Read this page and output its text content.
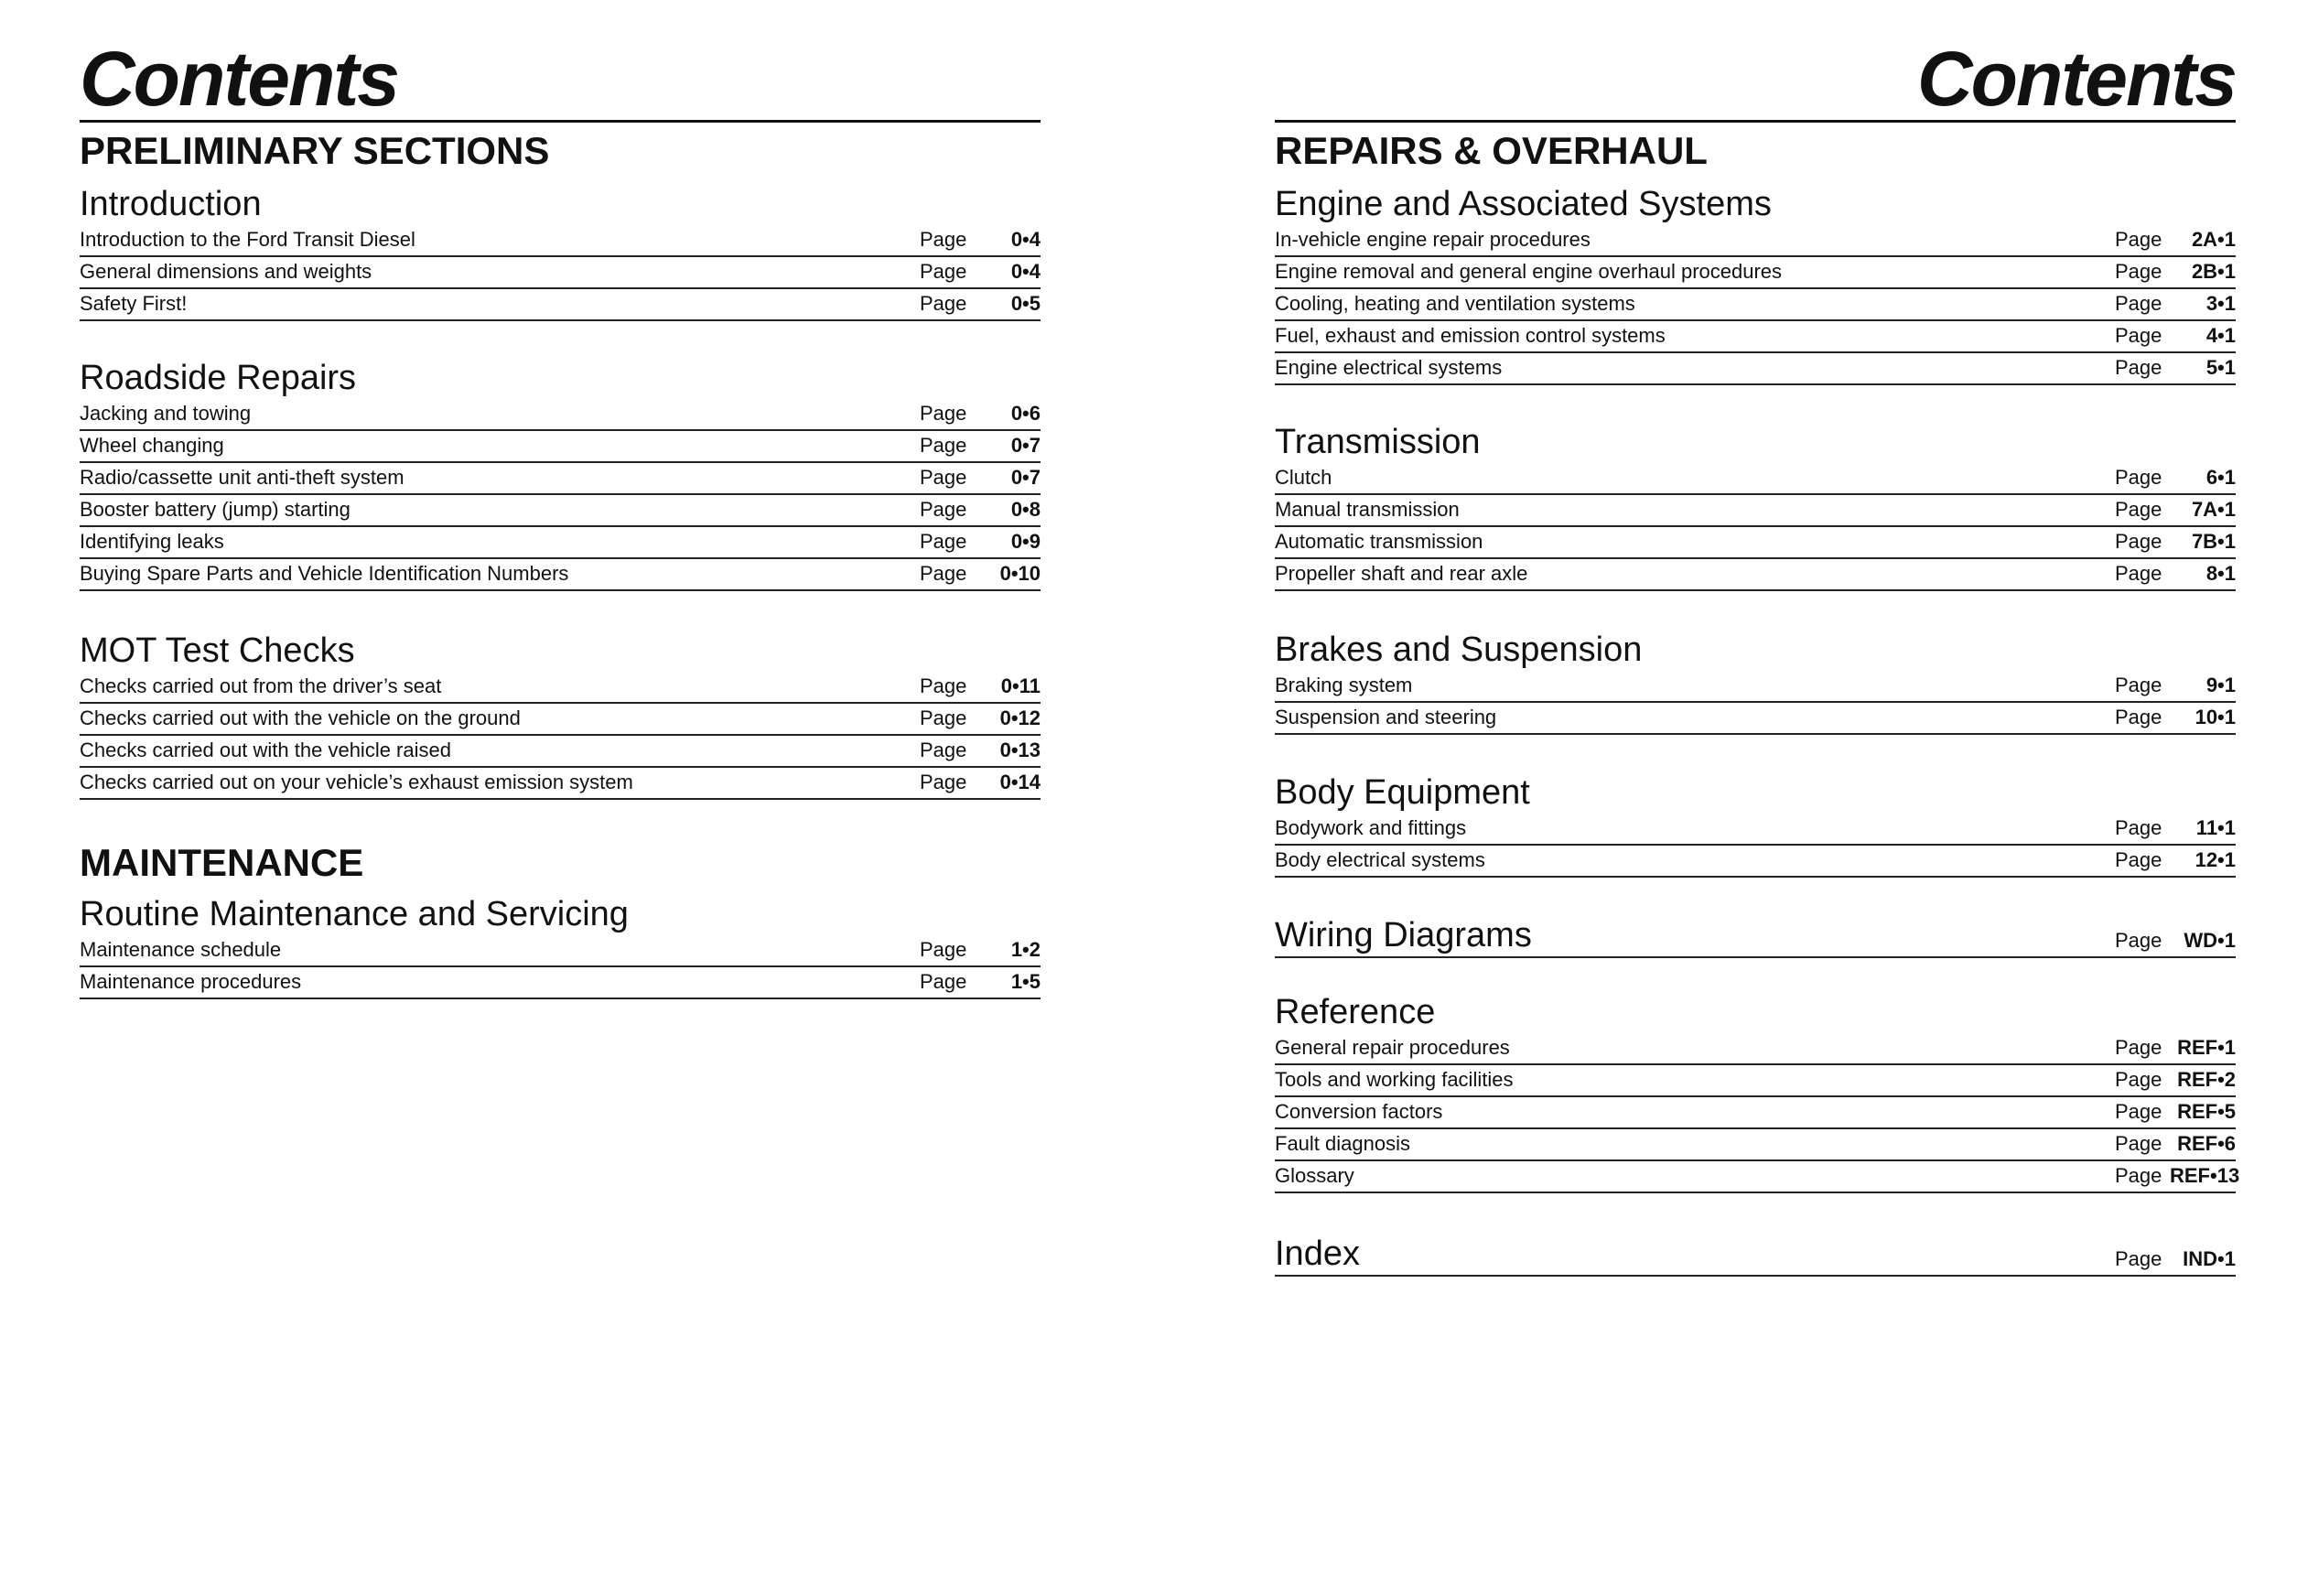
Contents
PRELIMINARY SECTIONS
Introduction
Introduction to the Ford Transit Diesel	Page	0•4
General dimensions and weights	Page	0•4
Safety First!	Page	0•5
Roadside Repairs
Jacking and towing	Page	0•6
Wheel changing	Page	0•7
Radio/cassette unit anti-theft system	Page	0•7
Booster battery (jump) starting	Page	0•8
Identifying leaks	Page	0•9
Buying Spare Parts and Vehicle Identification Numbers	Page	0•10
MOT Test Checks
Checks carried out from the driver’s seat	Page	0•11
Checks carried out with the vehicle on the ground	Page	0•12
Checks carried out with the vehicle raised	Page	0•13
Checks carried out on your vehicle’s exhaust emission system	Page	0•14
MAINTENANCE
Routine Maintenance and Servicing
Maintenance schedule	Page	1•2
Maintenance procedures	Page	1•5
Contents
REPAIRS & OVERHAUL
Engine and Associated Systems
In-vehicle engine repair procedures	Page	2A•1
Engine removal and general engine overhaul procedures	Page	2B•1
Cooling, heating and ventilation systems	Page	3•1
Fuel, exhaust and emission control systems	Page	4•1
Engine electrical systems	Page	5•1
Transmission
Clutch	Page	6•1
Manual transmission	Page	7A•1
Automatic transmission	Page	7B•1
Propeller shaft and rear axle	Page	8•1
Brakes and Suspension
Braking system	Page	9•1
Suspension and steering	Page	10•1
Body Equipment
Bodywork and fittings	Page	11•1
Body electrical systems	Page	12•1
Wiring Diagrams	Page	WD•1
Reference
General repair procedures	Page REF•1
Tools and working facilities	Page REF•2
Conversion factors	Page REF•5
Fault diagnosis	Page REF•6
Glossary	Page REF•13
Index	Page	IND•1
